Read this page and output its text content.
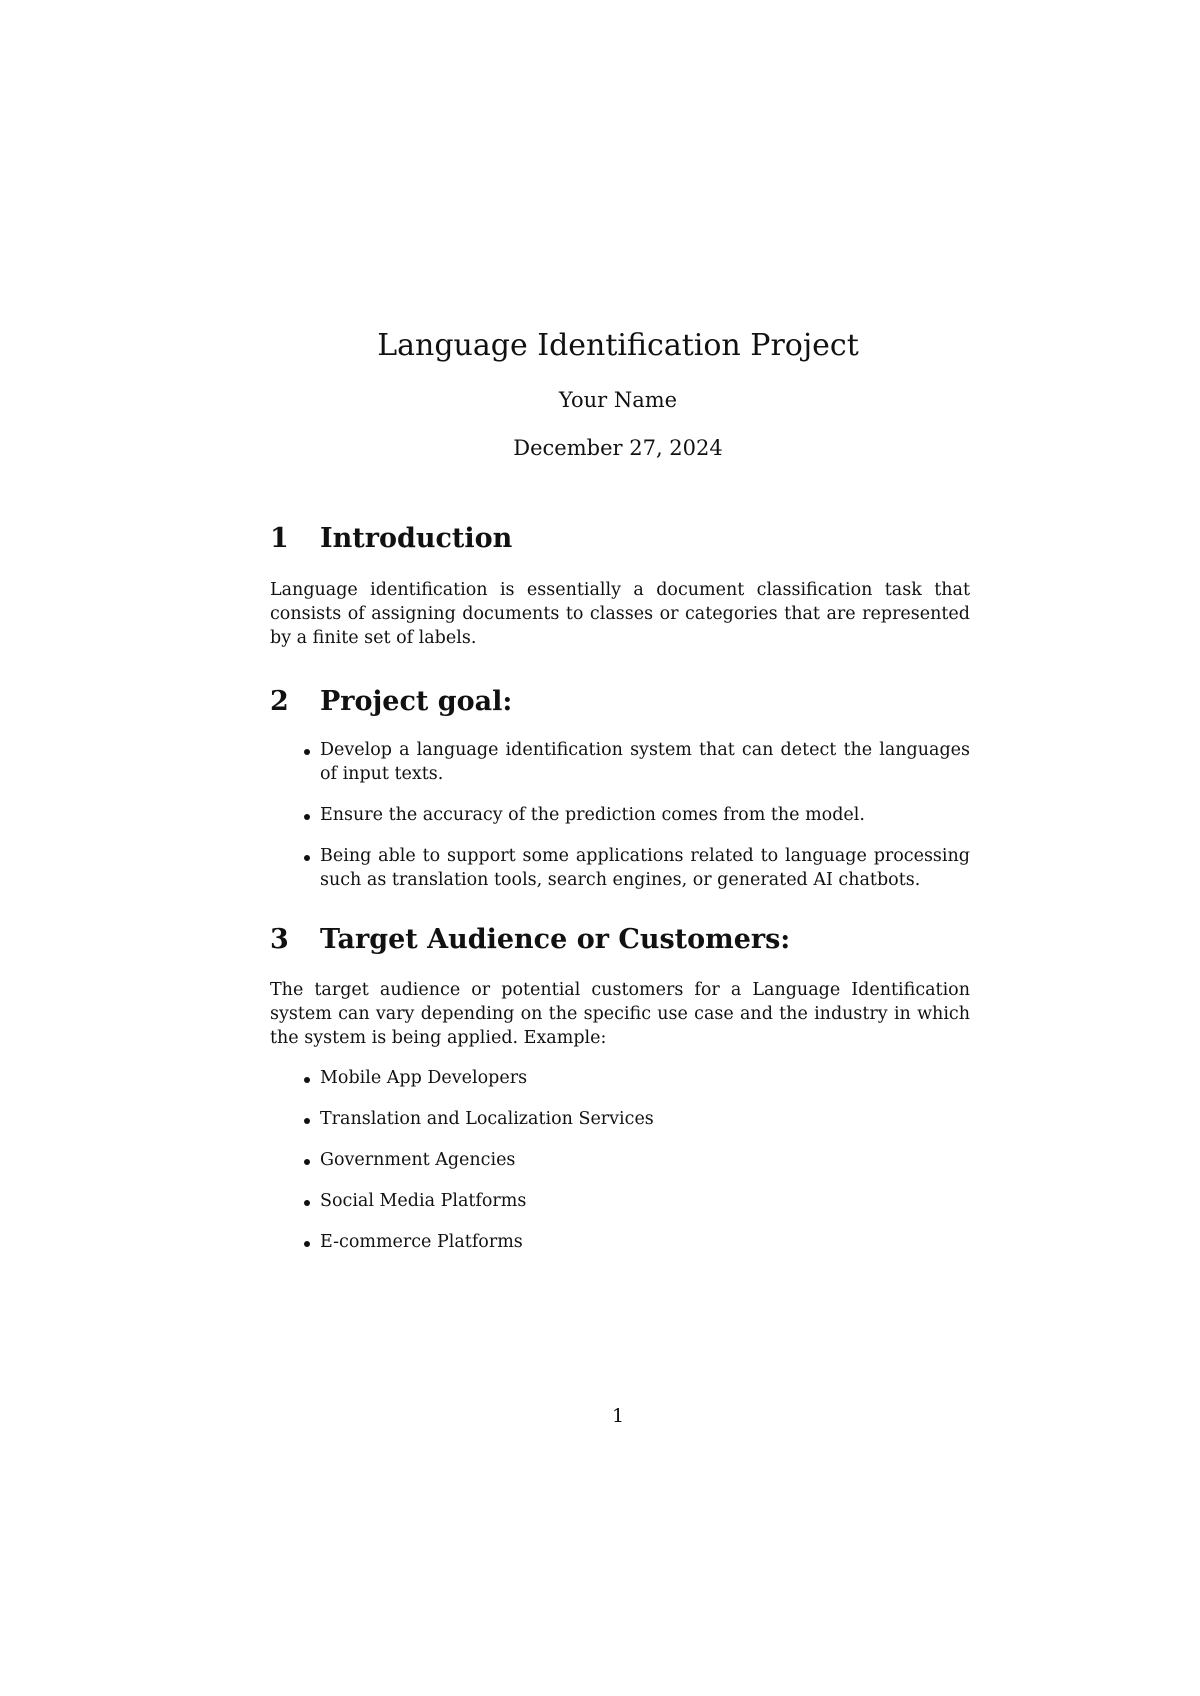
Language Identification Project
Your Name
December 27, 2024
1 Introduction

Language identification is essentially a document classification task that consists of assigning documents to classes or categories that are represented by a finite set of labels.

2 Project goal:
Develop a language identification system that can detect the languages of input texts.
Ensure the accuracy of the prediction comes from the model.
Being able to support some applications related to language processing such as translation tools, search engines, or generated AI chatbots.
3 Target Audience or Customers:

The target audience or potential customers for a Language Identification system can vary depending on the specific use case and the industry in which the system is being applied. Example:

Mobile App Developers
Translation and Localization Services
Government Agencies
Social Media Platforms
E-commerce Platforms
1
